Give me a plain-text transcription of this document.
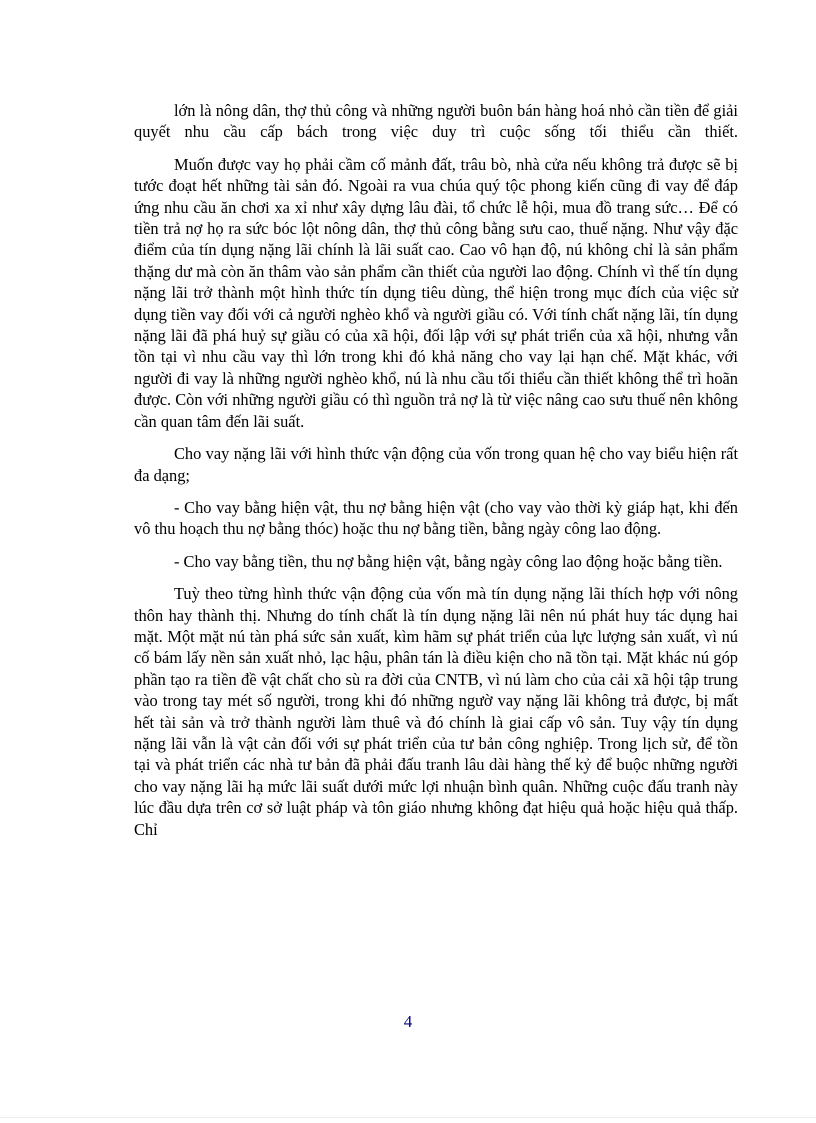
lớn là nông dân, thợ thủ công và những người buôn bán hàng hoá nhỏ cần tiền để giải quyết nhu cầu cấp bách trong việc duy trì cuộc sống tối thiểu cần thiết.

Muốn được vay họ phải cầm cố mảnh đất, trâu bò, nhà cửa nếu không trả được sẽ bị tước đoạt hết những tài sản đó. Ngoài ra vua chúa quý tộc phong kiến cũng đi vay để đáp ứng nhu cầu ăn chơi xa xỉ như xây dựng lâu đài, tổ chức lễ hội, mua đồ trang sức… Để có tiền trả nợ họ ra sức bóc lột nông dân, thợ thủ công bằng sưu cao, thuế nặng. Như vậy đặc điểm của tín dụng nặng lãi chính là lãi suất cao. Cao vô hạn độ, nú không chỉ là sản phẩm thặng dư mà còn ăn thâm vào sản phẩm cần thiết của người lao động. Chính vì thế tín dụng nặng lãi trở thành một hình thức tín dụng tiêu dùng, thể hiện trong mục đích của việc sử dụng tiền vay đối với cả người nghèo khổ và người giầu có. Với tính chất nặng lãi, tín dụng nặng lãi đã phá huỷ sự giầu có của xã hội, đối lập với sự phát triển của xã hội, nhưng vẫn tồn tại vì nhu cầu vay thì lớn trong khi đó khả năng cho vay lại hạn chế. Mặt khác, với người đi vay là những người nghèo khổ, nú là nhu cầu tối thiểu cần thiết không thể trì hoãn được. Còn với những người giầu có thì nguồn trả nợ là từ việc nâng cao sưu thuế nên không cần quan tâm đến lãi suất.

Cho vay nặng lãi với hình thức vận động của vốn trong quan hệ cho vay biểu hiện rất đa dạng;

- Cho vay bằng hiện vật, thu nợ bằng hiện vật (cho vay vào thời kỳ giáp hạt, khi đến vô thu hoạch thu nợ bằng thóc) hoặc thu nợ bằng tiền, bằng ngày công lao động.

- Cho vay bằng tiền, thu nợ bằng hiện vật, bằng ngày công lao động hoặc bằng tiền.

Tuỳ theo từng hình thức vận động của vốn mà tín dụng nặng lãi thích hợp với nông thôn hay thành thị. Nhưng do tính chất là tín dụng nặng lãi nên nú phát huy tác dụng hai mặt. Một mặt nú tàn phá sức sản xuất, kìm hãm sự phát triển của lực lượng sản xuất, vì nú cố bám lấy nền sản xuất nhỏ, lạc hậu, phân tán là điều kiện cho nã tồn tại. Mặt khác nú góp phần tạo ra tiền đề vật chất cho sù ra đời của CNTB, vì nú làm cho của cải xã hội tập trung vào trong tay mét số người, trong khi đó những ngườ vay nặng lãi không trả được, bị mất hết tài sản và trở thành người làm thuê và đó chính là giai cấp vô sản. Tuy vậy tín dụng nặng lãi vẫn là vật cản đối với sự phát triển của tư bản công nghiệp. Trong lịch sử, để tồn tại và phát triển các nhà tư bản đã phải đấu tranh lâu dài hàng thế kỷ để buộc những người cho vay nặng lãi hạ mức lãi suất dưới mức lợi nhuận bình quân. Những cuộc đấu tranh này lúc đầu dựa trên cơ sở luật pháp và tôn giáo nhưng không đạt hiệu quả hoặc hiệu quả thấp. Chỉ

4
